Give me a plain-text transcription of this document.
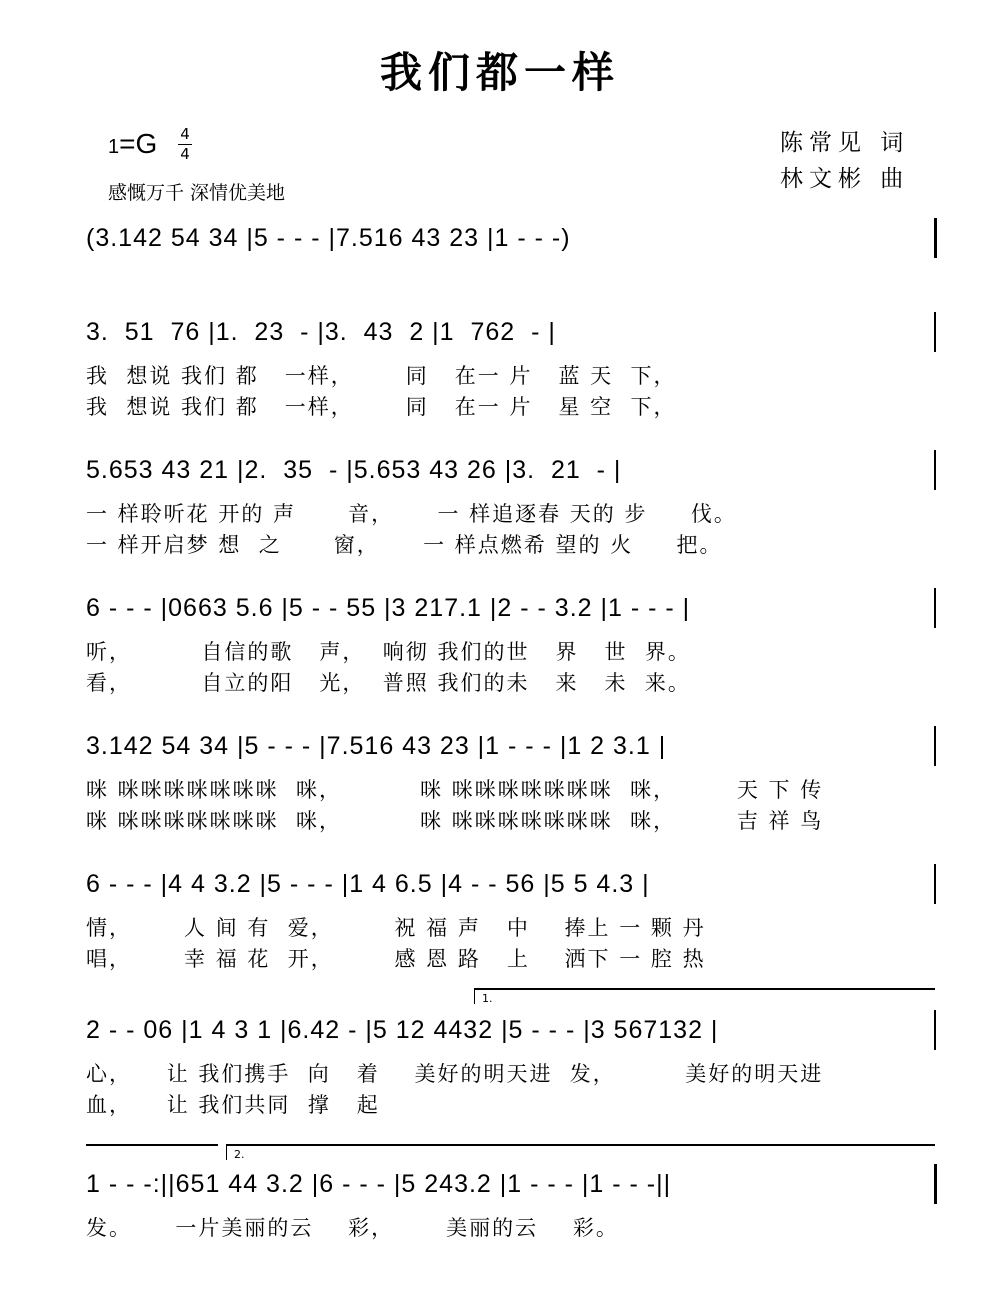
我们都一样
1=G 4
4
感慨万千 深情优美地
陈常见 词
林文彬 曲
(3.142 54 34 |5 - - - |7.516 43 23 |1 - - -)
3.  51  76 |1.  23  - |3.  43  2 |1  762  - |
我  想说 我们 都   一样，      同   在一 片   蓝 天  下，
我  想说 我们 都   一样，      同   在一 片   星 空  下，
5.653 43 21 |2.  35  - |5.653 43 26 |3.  21  - |
一 样聆听花 开的 声      音，     一 样追逐春 天的 步     伐。
一 样开启梦 想  之      窗，     一 样点燃希 望的 火     把。
6 - - - |0663 5.6 |5 - - 55 |3 217.1 |2 - - 3.2 |1 - - - |
听，        自信的歌   声，  响彻 我们的世   界   世  界。
看，        自立的阳   光，  普照 我们的未   来   未  来。
3.142 54 34 |5 - - - |7.516 43 23 |1 - - - |1 2 3.1 |
咪 咪咪咪咪咪咪咪  咪，         咪 咪咪咪咪咪咪咪  咪，       天 下 传
咪 咪咪咪咪咪咪咪  咪，         咪 咪咪咪咪咪咪咪  咪，       吉 祥 鸟
6 - - - |4 4 3.2 |5 - - - |1 4 6.5 |4 - - 56 |5 5 4.3 |
情，      人 间 有  爱，       祝 福 声   中    捧上 一 颗 丹
唱，      幸 福 花  开，       感 恩 路   上    洒下 一 腔 热
1.
2 - - 06 |1 4 3 1 |6.42 - |5 12 4432 |5 - - - |3 567132 |
心，    让 我们携手  向   着    美好的明天进  发，        美好的明天进
血，    让 我们共同  撑   起
2.
1 - - -:||651 44 3.2 |6 - - - |5 243.2 |1 - - - |1 - - -||
发。     一片美丽的云    彩，      美丽的云    彩。
